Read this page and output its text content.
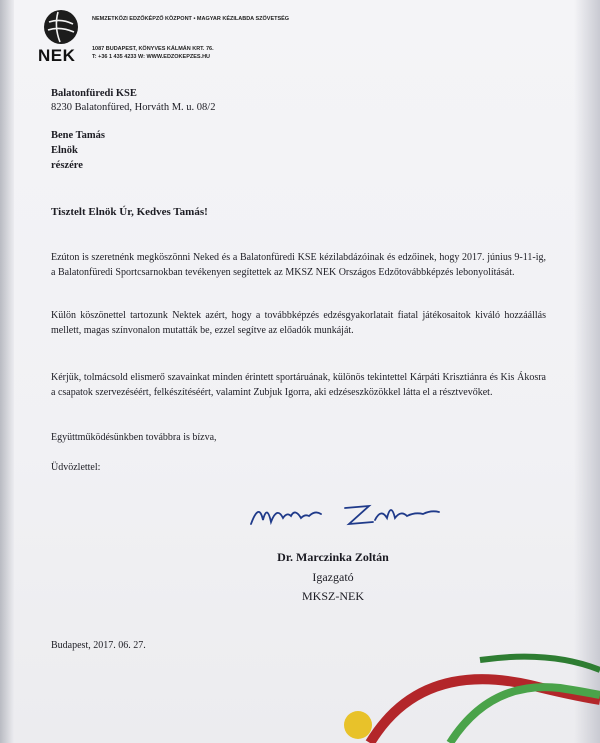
NEK
NEMZETKÖZI EDZŐKÉPZŐ KÖZPONT • MAGYAR KÉZILABDA SZÖVETSÉG
1087 BUDAPEST, KÖNYVES KÁLMÁN KRT. 76.
T: +36 1 435 4233 W: WWW.EDZOKEPZES.HU
Balatonfüredi KSE
8230 Balatonfüred, Horváth M. u. 08/2
Bene Tamás
Elnök
részére
Tisztelt Elnök Úr, Kedves Tamás!
Ezúton is szeretnénk megköszönni Neked és a Balatonfüredi KSE kézilabdázóinak és edzőinek, hogy 2017. június 9-11-ig, a Balatonfüredi Sportcsarnokban tevékenyen segítettek az MKSZ NEK Országos Edzőtovábbképzés lebonyolítását.
Külön köszönettel tartozunk Nektek azért, hogy a továbbképzés edzésgyakorlatait fiatal játékosaitok kiváló hozzáállás mellett, magas színvonalon mutatták be, ezzel segítve az előadók munkáját.
Kérjük, tolmácsold elismerő szavainkat minden érintett sportáruának, különös tekintettel Kárpáti Krisztiánra és Kis Ákosra a csapatok szervezéséért, felkészítéséért, valamint Zubjuk Igorra, aki edzéseszközökkel látta el a résztvevőket.
Együttműködésünkben továbbra is bízva,
Üdvözlettel:
Dr. Marczinka Zoltán
Igazgató
MKSZ-NEK
Budapest, 2017. 06. 27.
